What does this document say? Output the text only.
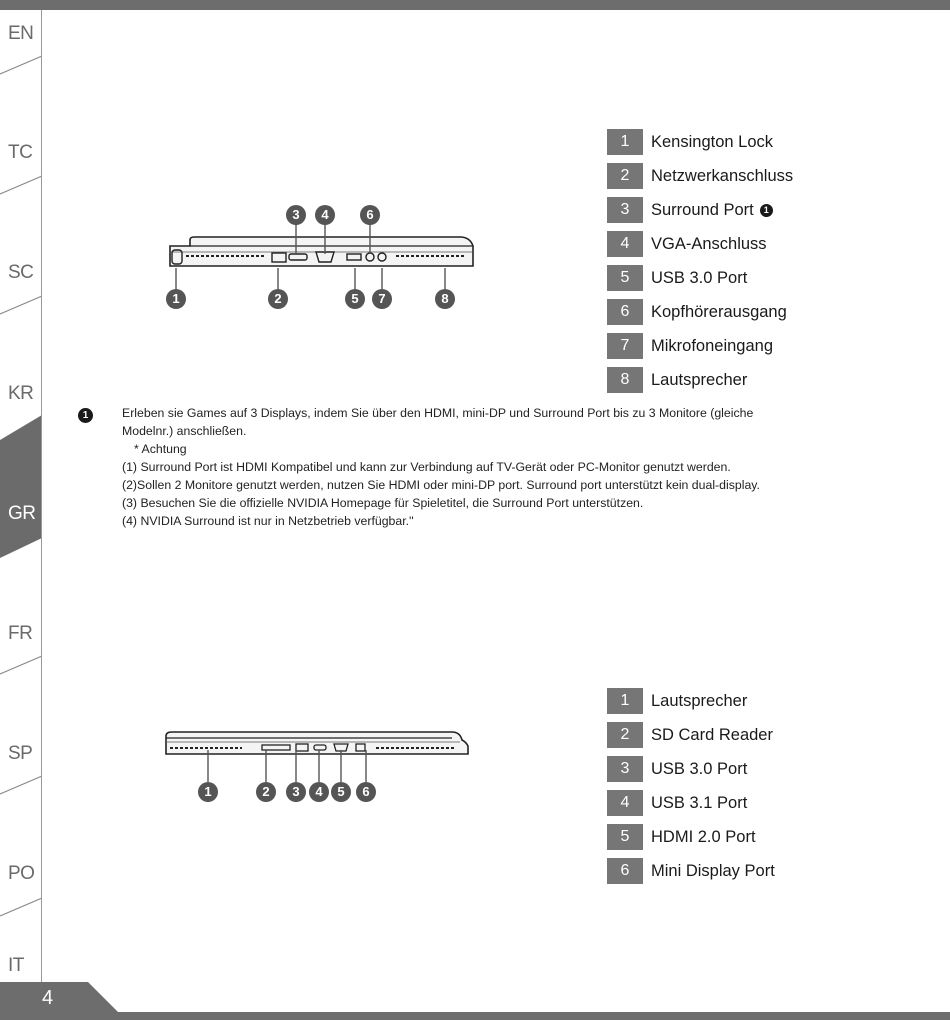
EN
TC
SC
KR
GR
FR
SP
PO
IT
4
3	4	6
1	2	5	7	8
1	Kensington Lock
2	Netzwerkanschluss
3	Surround Port	1
4	VGA-Anschluss
5	USB 3.0 Port
6	Kopfhörerausgang
7	Mikrofoneingang
8	Lautsprecher
1	Erleben sie Games auf 3 Displays, indem Sie über den HDMI, mini-DP und Surround Port bis zu 3 Monitore (gleiche
Modelnr.) anschließen.
* Achtung
(1) Surround Port ist HDMI Kompatibel und kann zur Verbindung auf TV-Gerät oder PC-Monitor genutzt werden.
(2)Sollen 2 Monitore genutzt werden, nutzen Sie HDMI oder mini-DP port. Surround port unterstützt kein dual-display.
(3) Besuchen Sie die offizielle NVIDIA Homepage für Spieletitel, die Surround Port unterstützen.
(4) NVIDIA Surround ist nur in Netzbetrieb verfügbar.''
1	2	3	4	5	6
1	Lautsprecher
2	SD Card Reader
3	USB 3.0 Port
4	USB 3.1 Port
5	HDMI 2.0 Port
6	Mini Display Port
